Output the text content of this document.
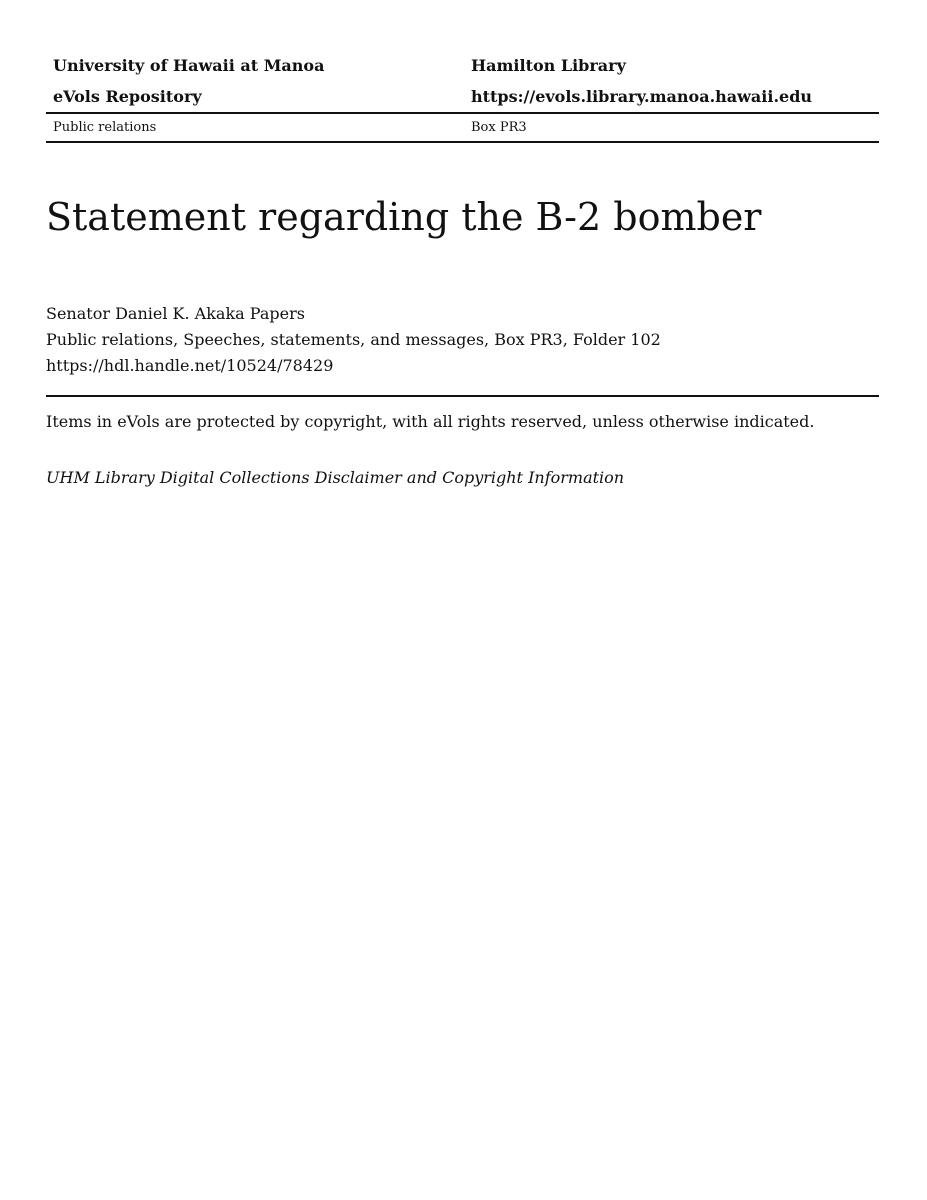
University of Hawaii at Manoa	Hamilton Library
eVols Repository	https://evols.library.manoa.hawaii.edu
Public relations	Box PR3
Statement regarding the B-2 bomber
Senator Daniel K. Akaka Papers
Public relations, Speeches, statements, and messages, Box PR3, Folder 102
https://hdl.handle.net/10524/78429
Items in eVols are protected by copyright, with all rights reserved, unless otherwise indicated.
UHM Library Digital Collections Disclaimer and Copyright Information
